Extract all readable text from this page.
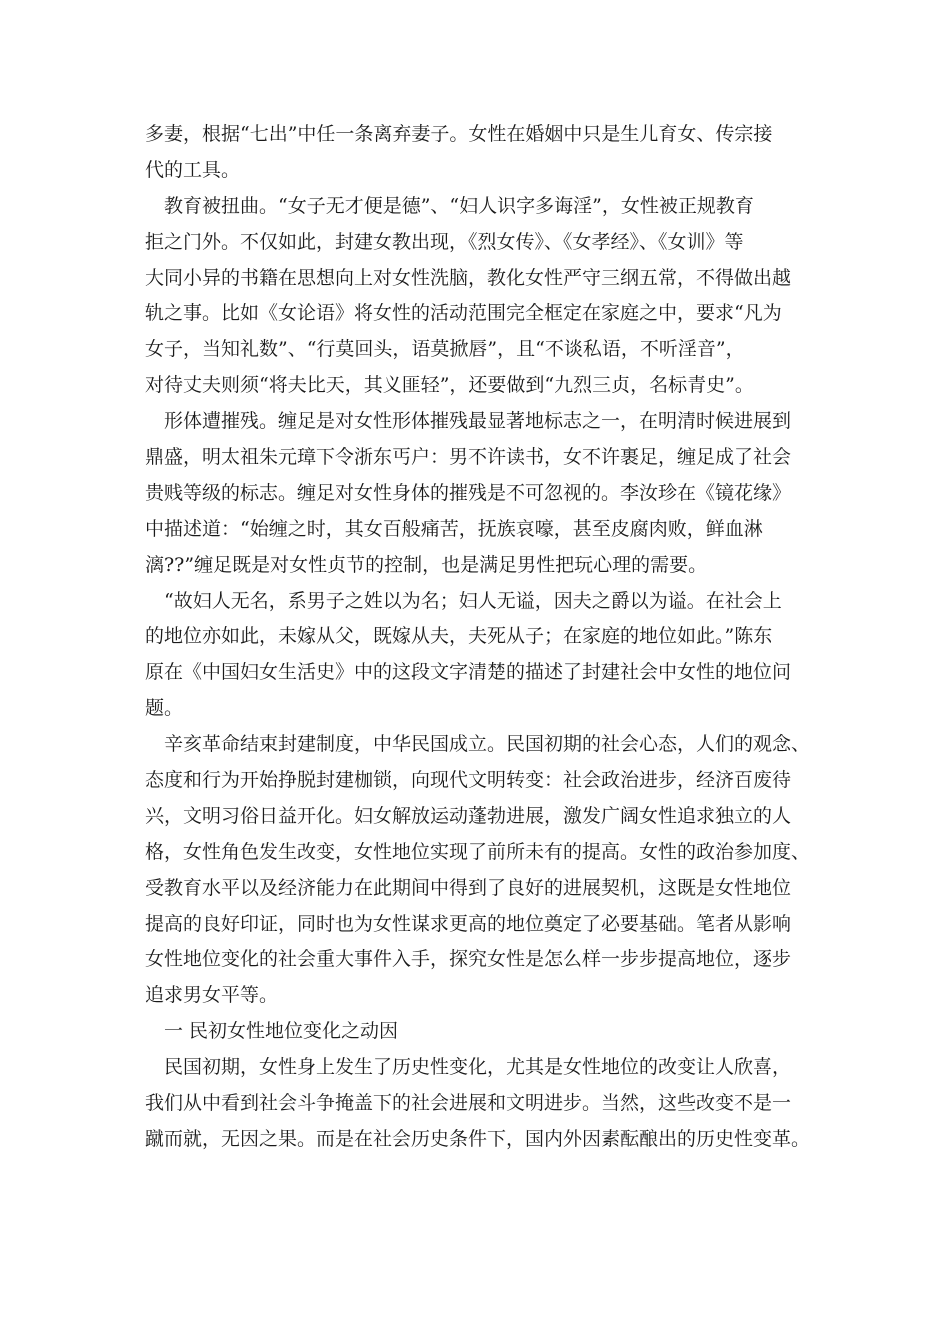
多妻，根据“七出”中任一条离弃妻子。女性在婚姻中只是生儿育女、传宗接
代的工具。
教育被扭曲。“女子无才便是德”、“妇人识字多诲淫”，女性被正规教育
拒之门外。不仅如此，封建女教出现，《烈女传》、《女孝经》、《女训》等
大同小异的书籍在思想向上对女性洗脑，教化女性严守三纲五常，不得做出越
轨之事。比如《女论语》将女性的活动范围完全框定在家庭之中，要求“凡为
女子，当知礼数”、“行莫回头，语莫掀唇”，且“不谈私语，不听淫音”，
对待丈夫则须“将夫比天，其义匪轻”，还要做到“九烈三贞，名标青史”。
形体遭摧残。缠足是对女性形体摧残最显著地标志之一，在明清时候进展到
鼎盛，明太祖朱元璋下令浙东丐户：男不许读书，女不许裹足，缠足成了社会
贵贱等级的标志。缠足对女性身体的摧残是不可忽视的。李汝珍在《镜花缘》
中描述道：“始缠之时，其女百般痛苦，抚族哀嚎，甚至皮腐肉败，鲜血淋
漓??”缠足既是对女性贞节的控制，也是满足男性把玩心理的需要。
“故妇人无名，系男子之姓以为名；妇人无谥，因夫之爵以为谥。在社会上
的地位亦如此，未嫁从父，既嫁从夫，夫死从子；在家庭的地位如此。”陈东
原在《中国妇女生活史》中的这段文字清楚的描述了封建社会中女性的地位问
题。
辛亥革命结束封建制度，中华民国成立。民国初期的社会心态，人们的观念、
态度和行为开始挣脱封建枷锁，向现代文明转变：社会政治进步，经济百废待
兴，文明习俗日益开化。妇女解放运动蓬勃进展，激发广阔女性追求独立的人
格，女性角色发生改变，女性地位实现了前所未有的提高。女性的政治参加度、
受教育水平以及经济能力在此期间中得到了良好的进展契机，这既是女性地位
提高的良好印证，同时也为女性谋求更高的地位奠定了必要基础。笔者从影响
女性地位变化的社会重大事件入手，探究女性是怎么样一步步提高地位，逐步
追求男女平等。
一 民初女性地位变化之动因
民国初期，女性身上发生了历史性变化，尤其是女性地位的改变让人欣喜，
我们从中看到社会斗争掩盖下的社会进展和文明进步。当然，这些改变不是一
蹴而就，无因之果。而是在社会历史条件下，国内外因素酝酿出的历史性变革。
